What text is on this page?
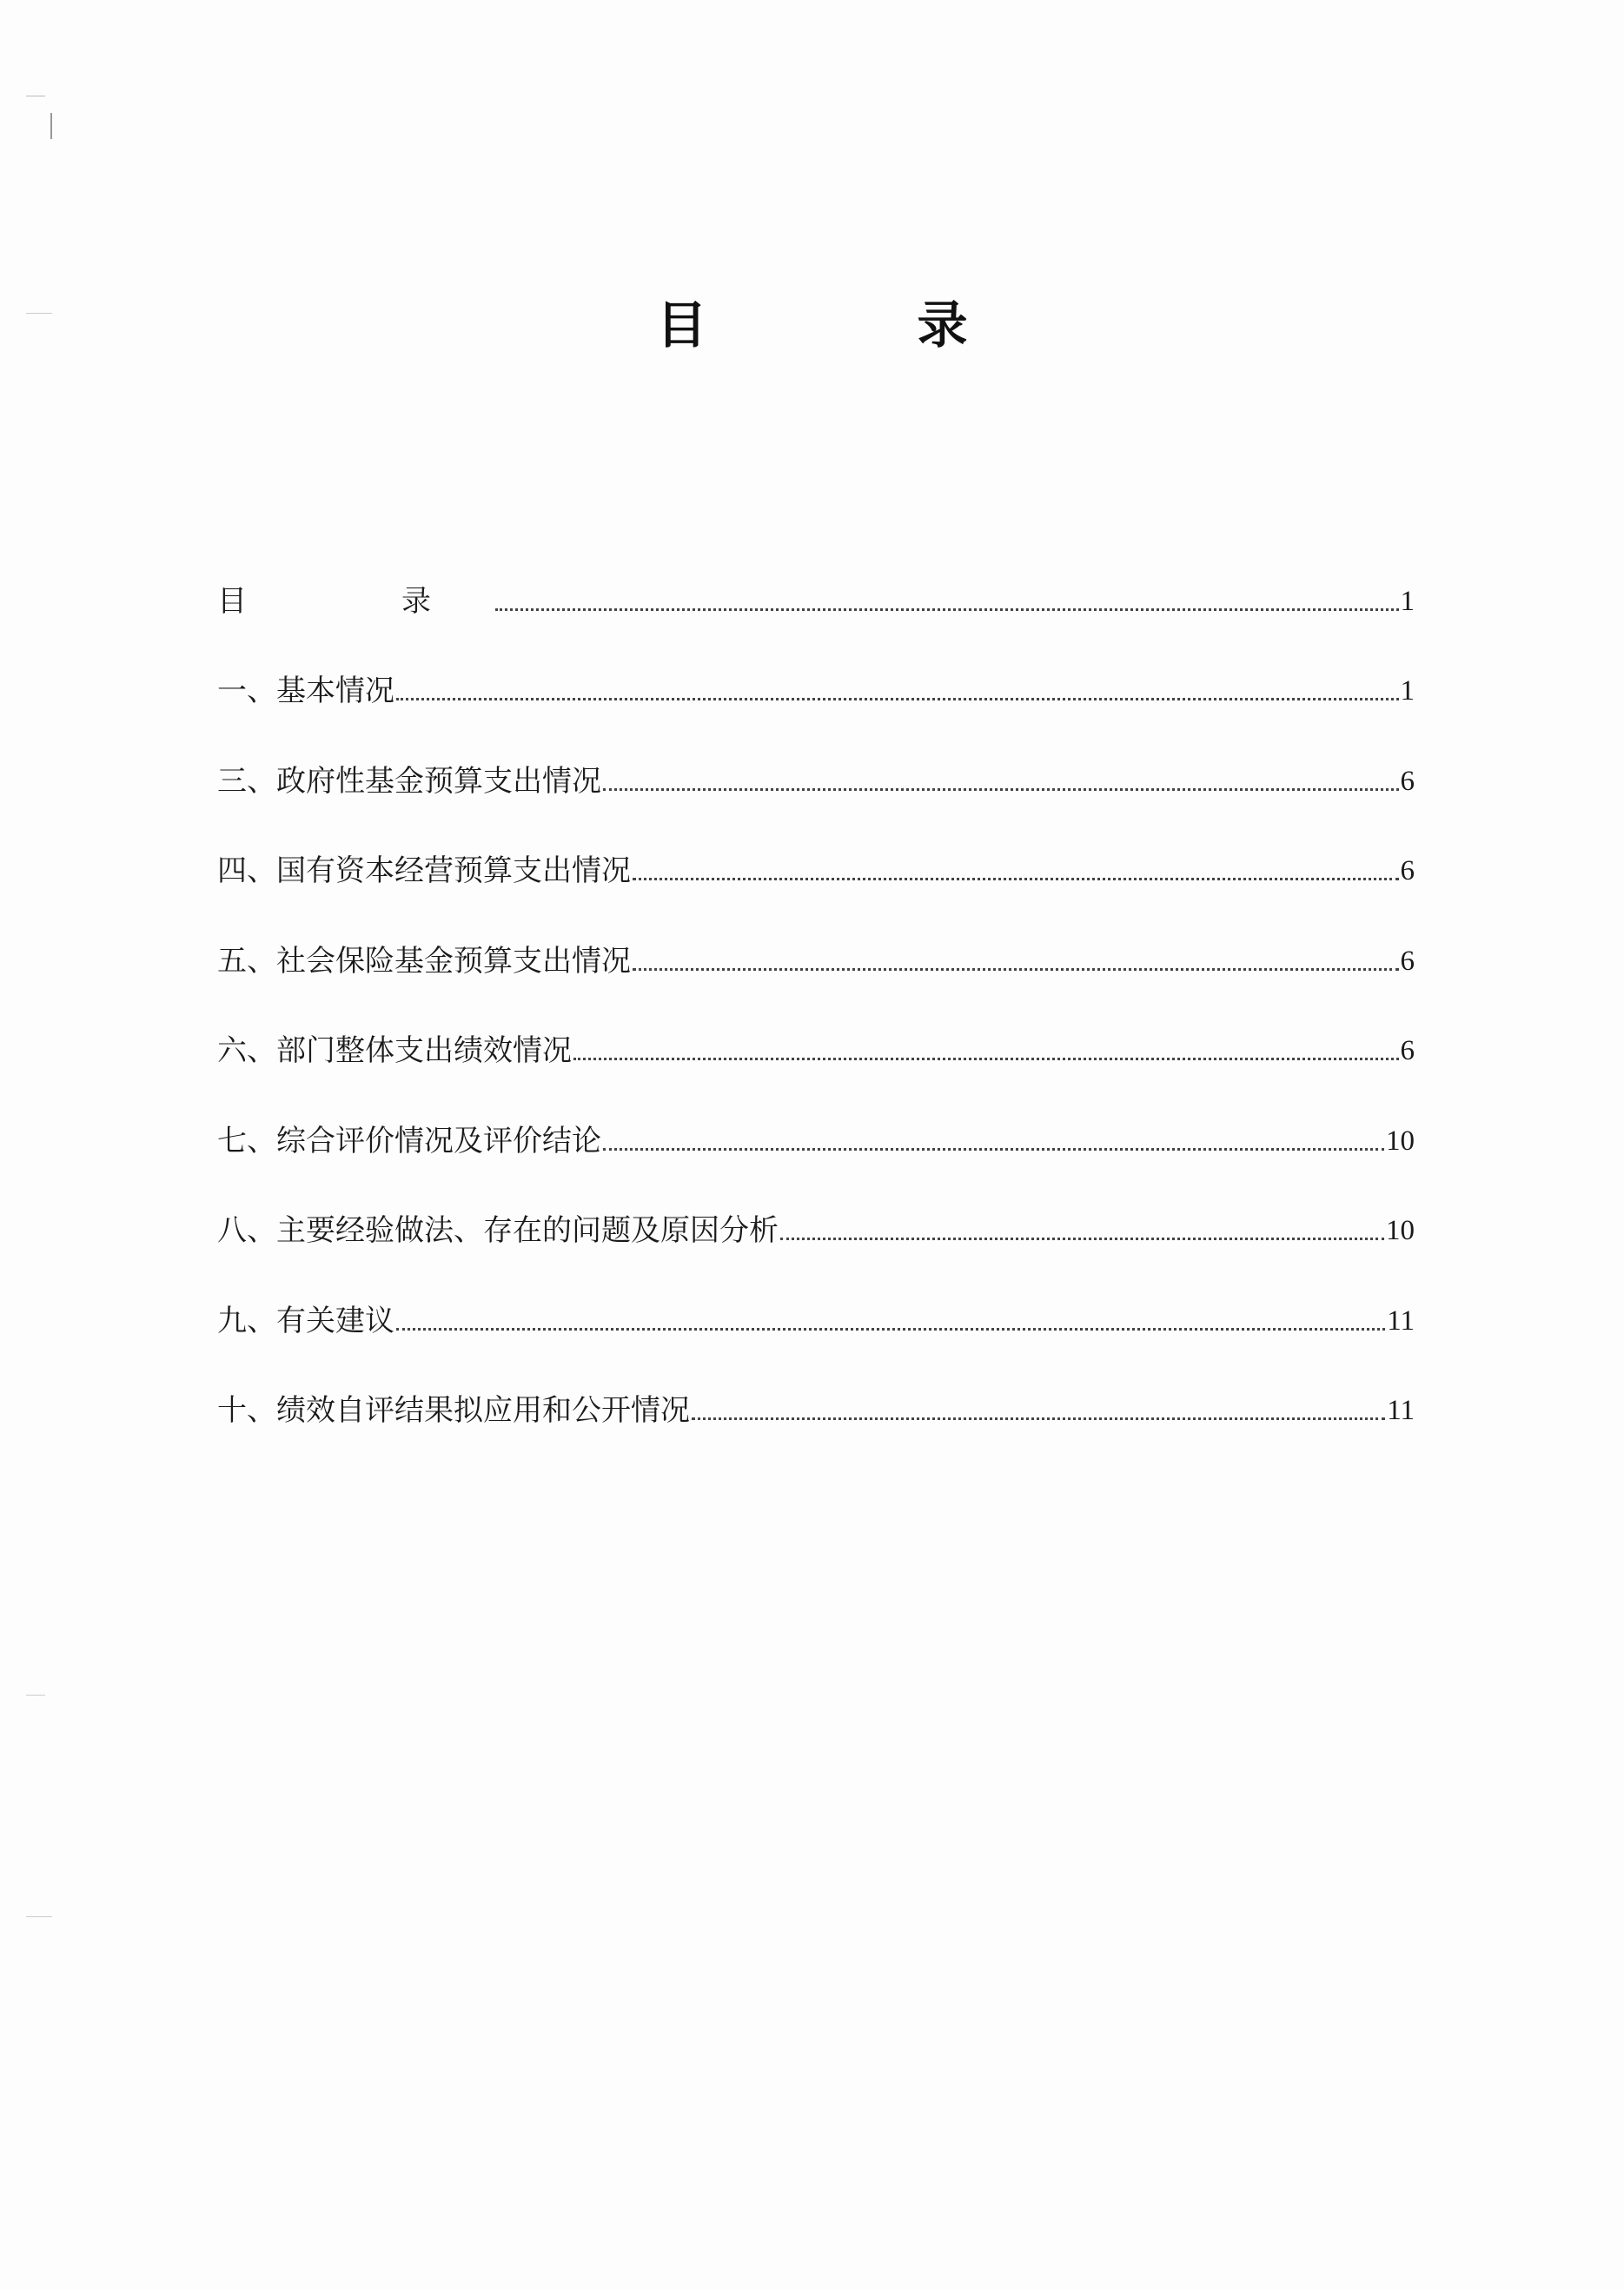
目　录
目　录	1
一、基本情况	1
三、政府性基金预算支出情况	6
四、国有资本经营预算支出情况	6
五、社会保险基金预算支出情况	6
六、部门整体支出绩效情况	6
七、综合评价情况及评价结论	10
八、主要经验做法、存在的问题及原因分析	10
九、有关建议	11
十、绩效自评结果拟应用和公开情况	11
